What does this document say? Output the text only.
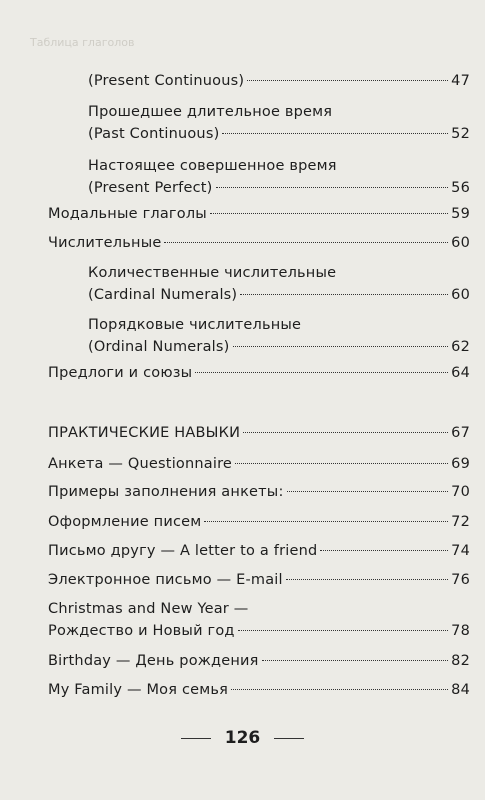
Таблица глаголов
(Present Continuous)	47
Прошедшее длительное время
(Past Continuous)	52
Настоящее совершенное время
(Present Perfect)	56
Модальные глаголы	59
Числительные	60
Количественные числительные
(Cardinal Numerals)	60
Порядковые числительные
(Ordinal Numerals)	62
Предлоги и союзы	64
ПРАКТИЧЕСКИЕ НАВЫКИ	67
Анкета — Questionnaire	69
Примеры заполнения анкеты:	70
Оформление писем	72
Письмо другу — A letter to a friend	74
Электронное письмо — E-mail	76
Christmas and New Year —
Рождество и Новый год	78
Birthday — День рождения	82
My Family — Моя семья	84
126
